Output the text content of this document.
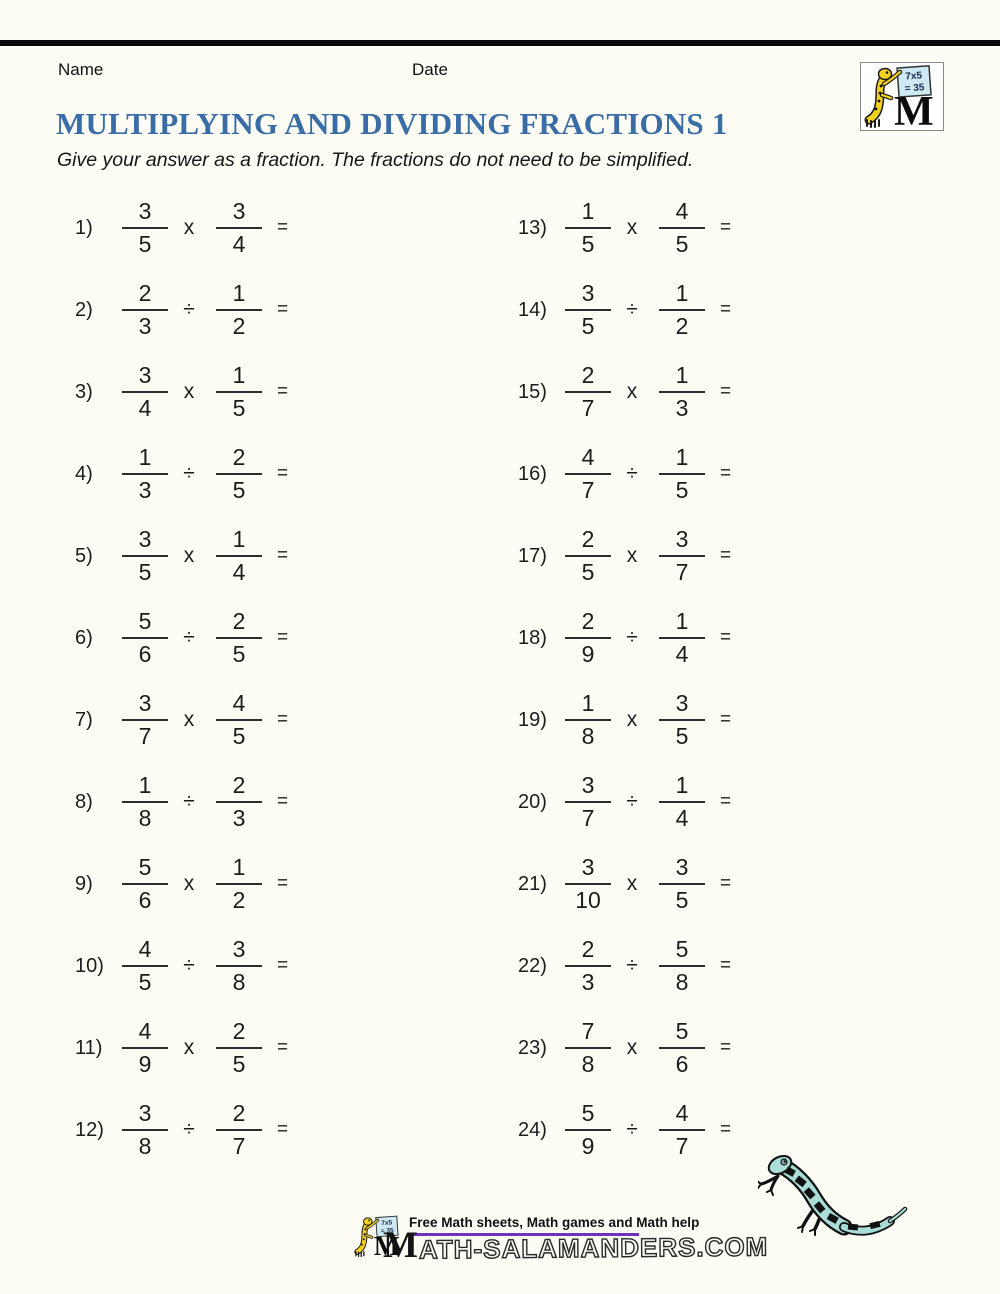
Name	Date
MULTIPLYING AND DIVIDING FRACTIONS 1

Give your answer as a fraction. The fractions do not need to be simplified.

1)	$\frac{3}{5}$ x $\frac{3}{4}$ =
2)	$\frac{2}{3} \div \frac{1}{2}$ =
3)	$\frac{3}{4}$ x $\frac{1}{5}$ =
4)	$\frac{1}{3} \div \frac{2}{5}$ =
5)	$\frac{3}{5}$ x $\frac{1}{4}$ =
6)	$\frac{5}{6} \div \frac{2}{5}$ =
7)	$\frac{3}{7}$ x $\frac{4}{5}$ =
8)	$\frac{1}{8} \div \frac{2}{3}$ =
9)	$\frac{5}{6}$ x $\frac{1}{2}$ =
$10) \frac{4}{5} \div \frac{3}{8}$ =
$11) \frac{4}{9}$ x $\frac{2}{5}$ =
$12) \frac{3}{8} \div \frac{2}{7}$ =
$13) \frac{1}{5}$ x $\frac{4}{5}$ =
$14) \frac{3}{5} \div \frac{1}{2}$ =
$15) \frac{2}{7}$ x $\frac{1}{3}$ =
$16) \frac{4}{7} \div \frac{1}{5}$ =
$17) \frac{2}{5}$ x $\frac{3}{7}$ =
$18) \frac{2}{9} \div \frac{1}{4}$ =
$19) \frac{1}{8}$ x $\frac{3}{5}$ =
$20) \frac{3}{7} \div \frac{1}{4}$ =
$21) \frac{3}{10}$ x $\frac{3}{5}$ =
$22) \frac{2}{3} \div \frac{5}{8}$ =
$23) \frac{7}{8}$ x $\frac{5}{6}$ =
$24) \frac{5}{9} \div \frac{4}{7}$ =
Free Math sheets, Math games and Math help
M ATH-SALAMANDERS.COM
